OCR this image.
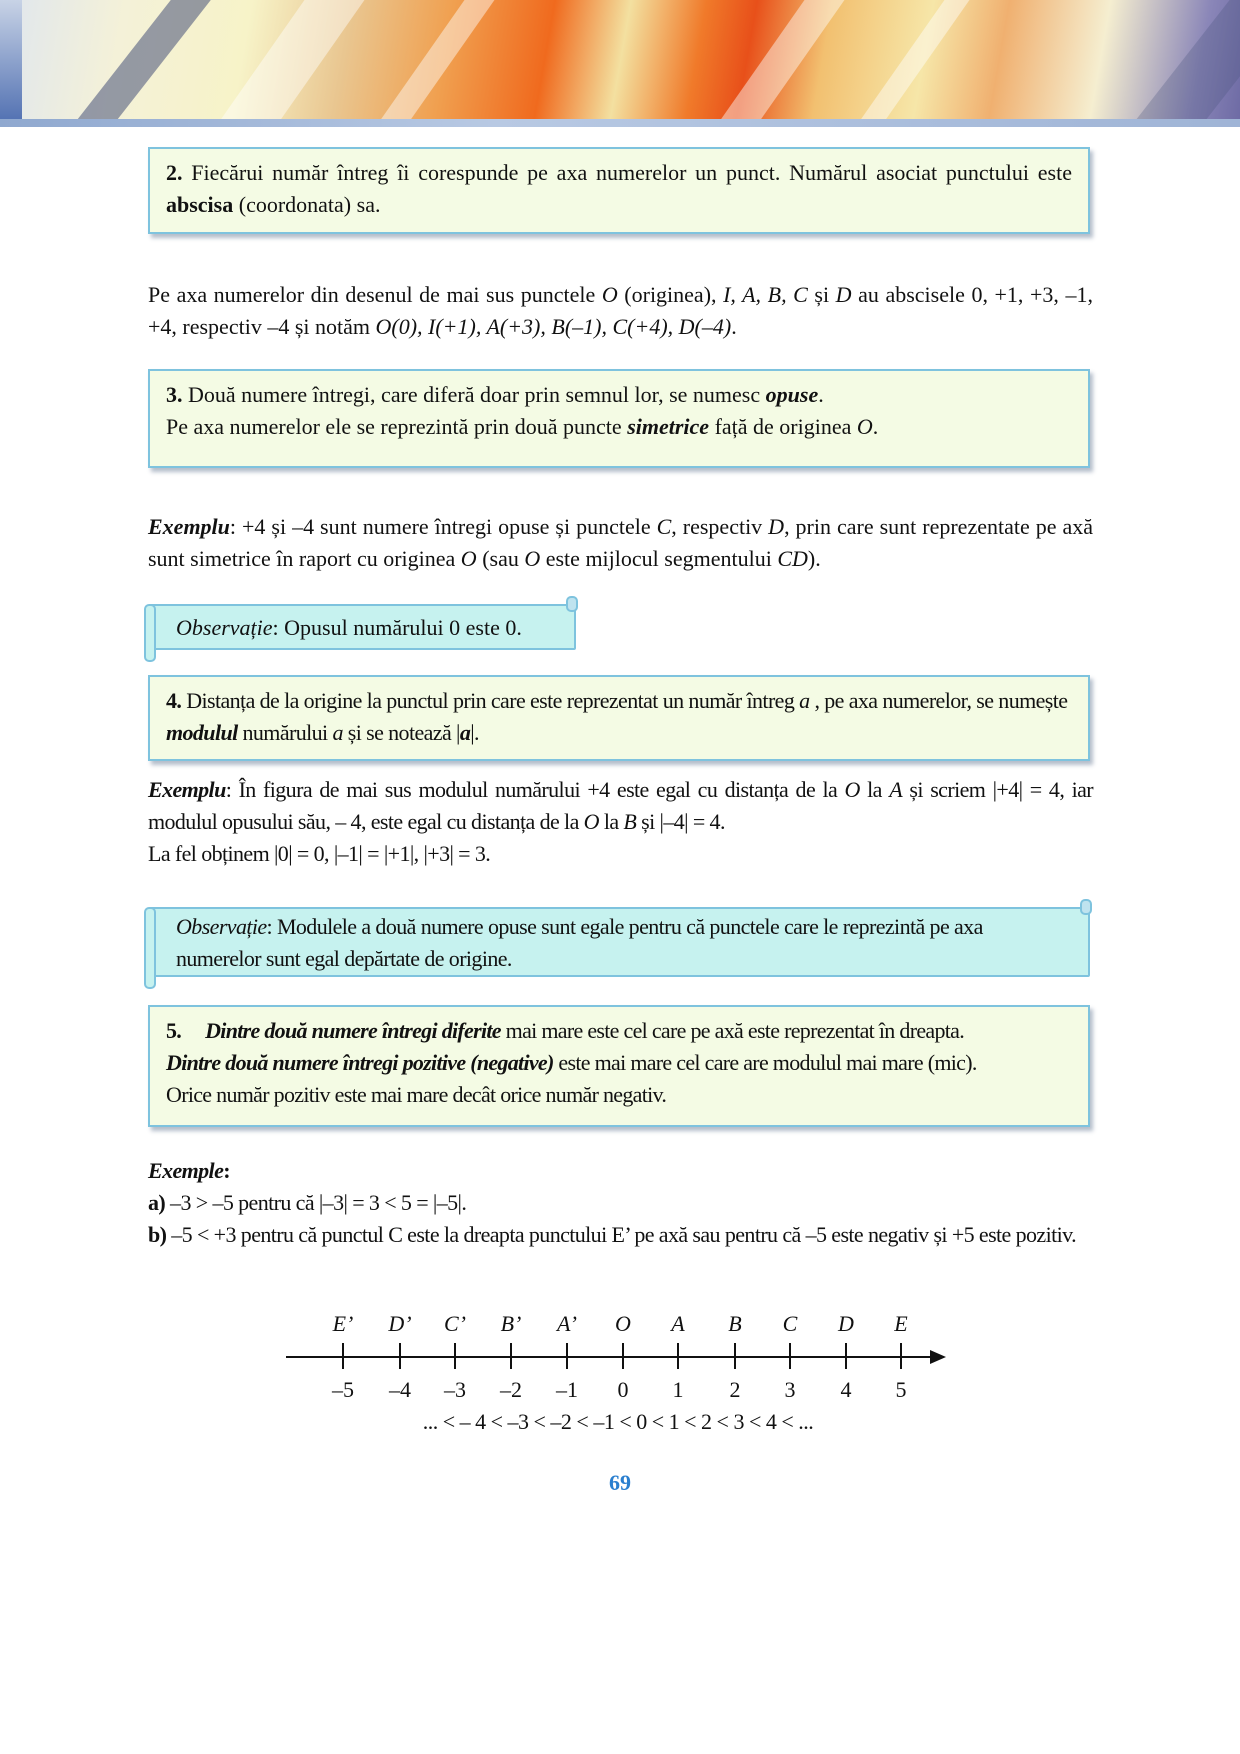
2. Fiecărui număr întreg îi corespunde pe axa numerelor un punct. Numărul asociat punctului este abscisa (coordonata) sa.
Pe axa numerelor din desenul de mai sus punctele O (originea), I, A, B, C și D au abscisele 0, +1, +3, –1, +4, respectiv –4 și notăm O(0), I(+1), A(+3), B(–1), C(+4), D(–4).
3. Două numere întregi, care diferă doar prin semnul lor, se numesc opuse.
Pe axa numerelor ele se reprezintă prin două puncte simetrice față de originea O.
Exemplu: +4 și –4 sunt numere întregi opuse și punctele C, respectiv D, prin care sunt reprezentate pe axă sunt simetrice în raport cu originea O (sau O este mijlocul segmentului CD).
Observație: Opusul numărului 0 este 0.
4. Distanța de la origine la punctul prin care este reprezentat un număr întreg a , pe axa numerelor, se numește modulul numărului a și se notează |a|.
Exemplu: În figura de mai sus modulul numărului +4 este egal cu distanța de la O la A și scriem |+4| = 4, iar modulul opusului său, – 4, este egal cu distanța de la O la B și |–4| = 4.
La fel obținem |0| = 0, |–1| = |+1|, |+3| = 3.
Observație: Modulele a două numere opuse sunt egale pentru că punctele care le reprezintă pe axa numerelor sunt egal depărtate de origine.
5. Dintre două numere întregi diferite mai mare este cel care pe axă este reprezentat în dreapta.
Dintre două numere întregi pozitive (negative) este mai mare cel care are modulul mai mare (mic).
Orice număr pozitiv este mai mare decât orice număr negativ.
Exemple:
a) –3 > –5 pentru că |–3| = 3 < 5 = |–5|.
b) –5 < +3 pentru că punctul C este la dreapta punctului E’ pe axă sau pentru că –5 este negativ și +5 este pozitiv.
E’	D’	C’	B’	A’	O	A	B	C	D	E
–5	–4	–3	–2	–1	0	1	2	3	4	5
... < – 4 < –3 < –2 < –1 < 0 < 1 < 2 < 3 < 4 < ...
69
